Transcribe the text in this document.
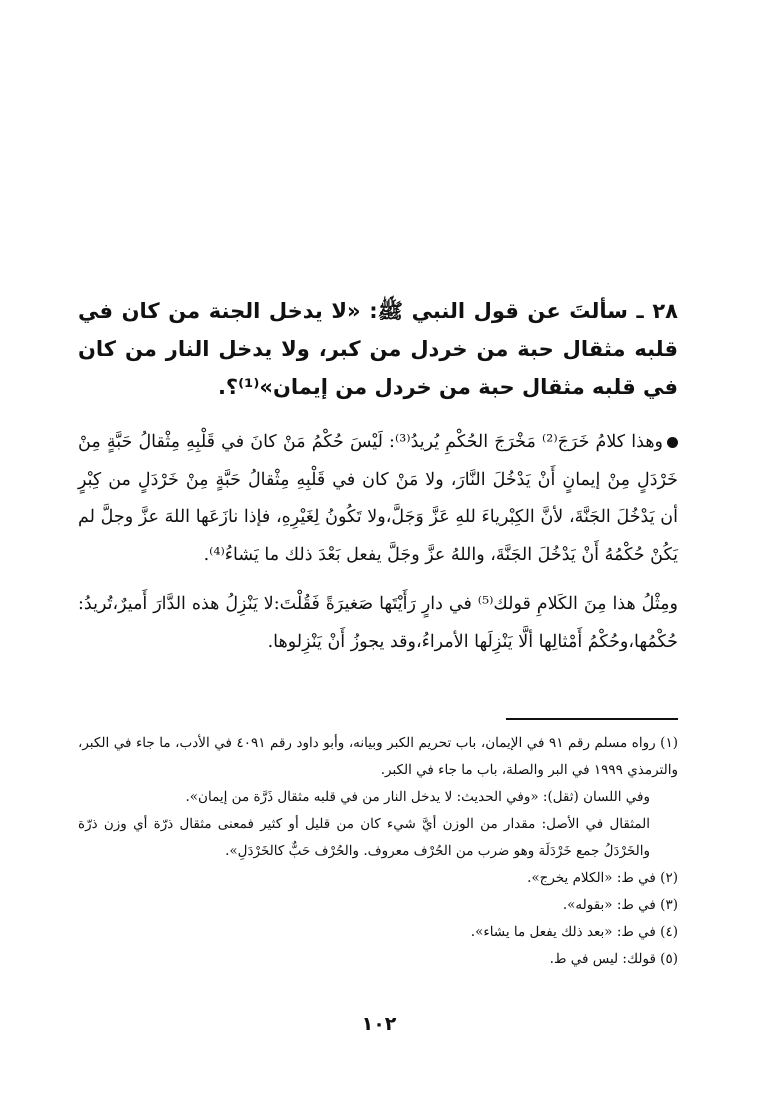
٢٨ ـ سألتَ عن قول النبي ﷺ: «لا يدخل الجنة من كان في قلبه مثقال حبة من خردل من كبر، ولا يدخل النار من كان في قلبه مثقال حبة من خردل من إيمان»⁽¹⁾؟.

وهذا كلامُ خَرَجَ⁽²⁾ مَخْرَجَ الحُكْمِ يُريدُ⁽³⁾: لَيْسَ حُكْمُ مَنْ كانَ في قَلْبِهِ مِثْقالُ حَبَّةٍ مِنْ خَرْدَلٍ مِنْ إيمانٍ أَنْ يَدْخُلَ النَّارَ، ولا مَنْ كان في قَلْبِهِ مِثْقالُ حَبَّةٍ مِنْ خَرْدَلٍ من كِبْرٍ أن يَدْخُلَ الجَنَّةَ، لأنَّ الكِبْرياءَ للهِ عَزَّ وَجَلَّ،ولا تَكُونُ لِغَيْرِهِ، فإذا نازَعَها اللهَ عزَّ وجلَّ لم يَكُنْ حُكْمُهُ أَنْ يَدْخُلَ الجَنَّةَ، واللهُ عزَّ وجَلَّ يفعل بَعْدَ ذلك ما يَشاءُ⁽⁴⁾.

ومِثْلُ هذا مِنَ الكَلامِ قولك⁽⁵⁾ في دارٍ رَأَيْتَها صَغيرَةً فَقُلْتَ:لا يَنْزِلُ هذه الدَّارَ أَميرٌ،تُريدُ: حُكْمُها،وحُكْمُ أَمْثالِها ألَّا يَنْزِلَها الأمراءُ،وقد يجوزُ أَنْ يَنْزِلوها.

(١) رواه مسلم رقم ٩١ في الإيمان، باب تحريم الكبر وبيانه، وأبو داود رقم ٤٠٩١ في الأدب، ما جاء في الكبر، والترمذي ١٩٩٩ في البر والصلة، باب ما جاء في الكبر.

وفي اللسان (ثقل): «وفي الحديث: لا يدخل النار من في قلبه مثقال ذَرَّة من إيمان».

المثقال في الأصل: مقدار من الوزن أيَّ شيء كان من قليل أو كثير فمعنى مثقال ذرّة أي وزن ذرّة والخَرْدَلُ جمع خَرْدَلَة وهو ضرب من الحُرْف معروف. والحُرْف حَبٌّ كالخَرْدَلِ».

(٢) في ط: «الكلام يخرج».

(٣) في ط: «بقوله».

(٤) في ط: «بعد ذلك يفعل ما يشاء».

(٥) قولك: ليس في ط.

١٠٢
